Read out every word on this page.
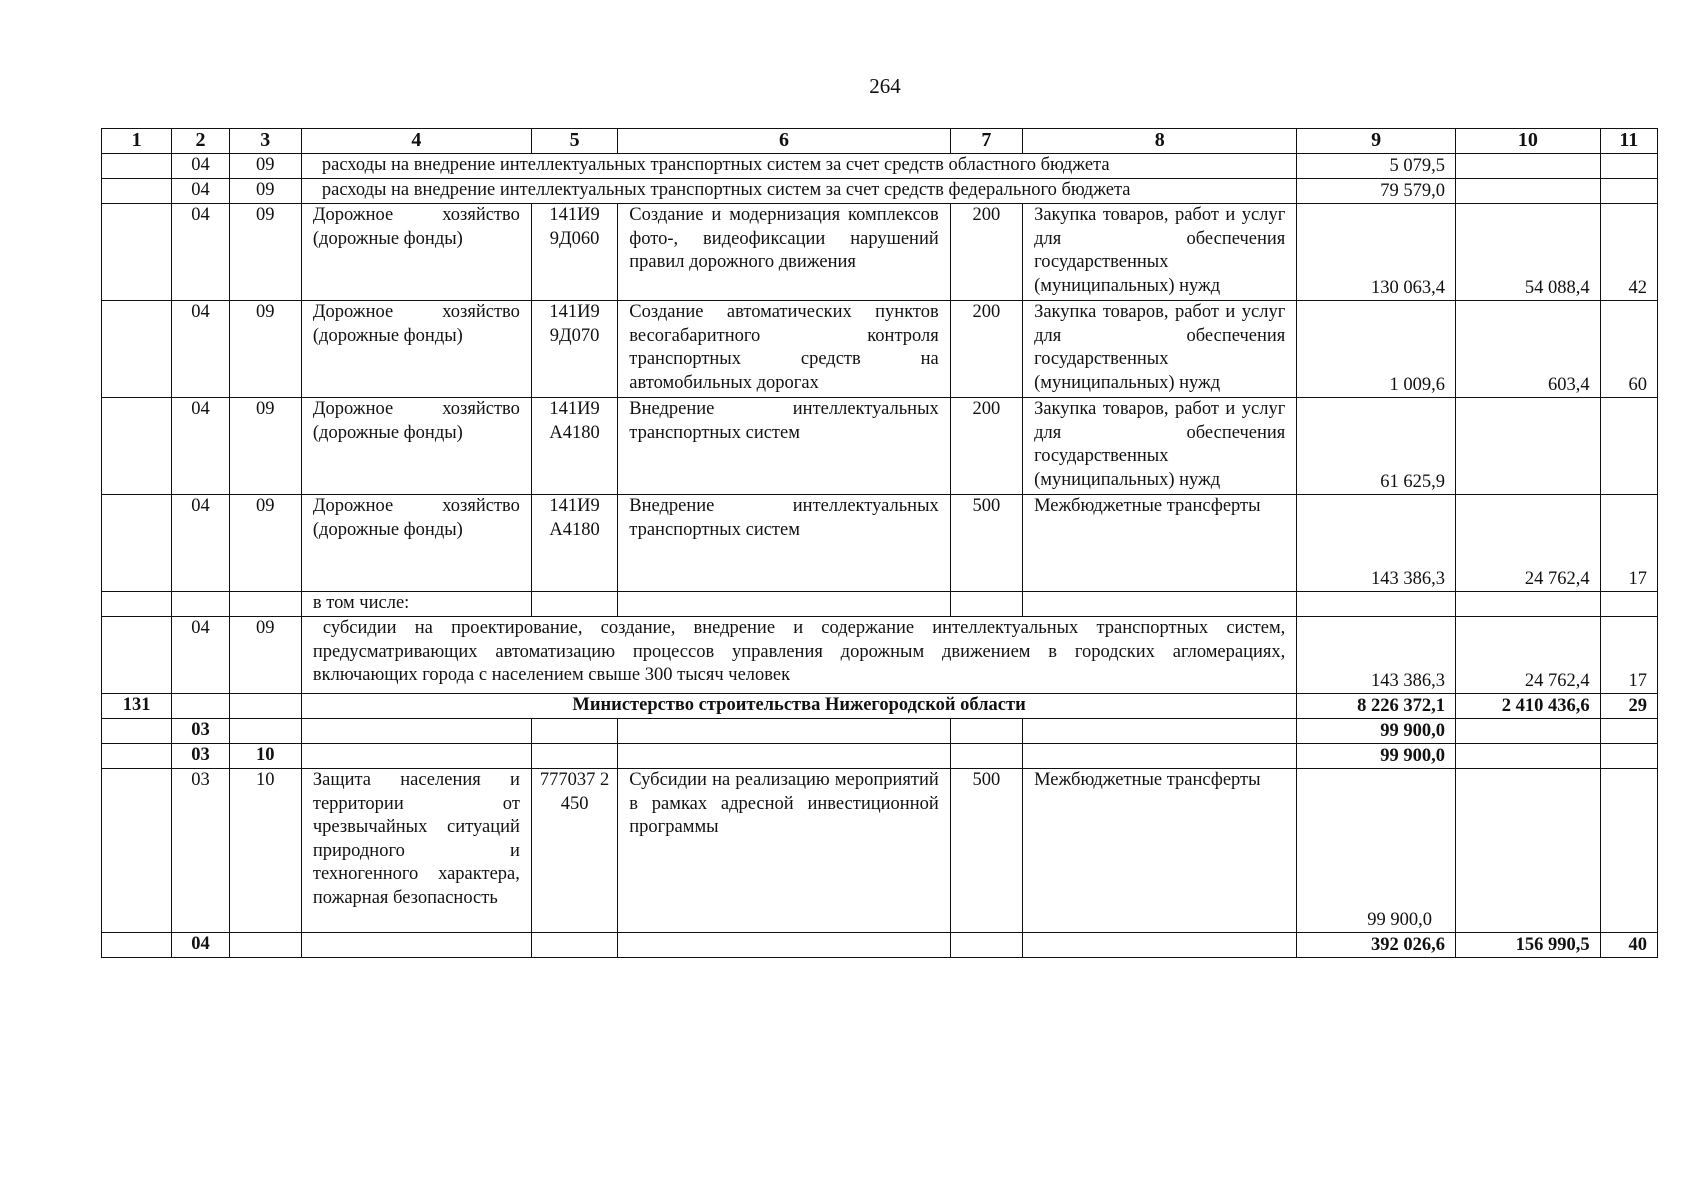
264
1	2	3	4	5	6	7	8	9	10	11
	04	09	расходы на внедрение интеллектуальных транспортных систем за счет средств областного бюджета					5 079,5		
	04	09	расходы на внедрение интеллектуальных транспортных систем за счет средств федерального бюджета					79 579,0		
	04	09	Дорожное хозяйство (дорожные фонды)	141И9 9Д060	Создание и модернизация комплексов фото-, видеофиксации нарушений правил дорожного движения	200	Закупка товаров, работ и услуг для обеспечения государственных (муниципальных) нужд	130 063,4	54 088,4	42
	04	09	Дорожное хозяйство (дорожные фонды)	141И9 9Д070	Создание автоматических пунктов весогабаритного контроля транспортных средств на автомобильных дорогах	200	Закупка товаров, работ и услуг для обеспечения государственных (муниципальных) нужд	1 009,6	603,4	60
	04	09	Дорожное хозяйство (дорожные фонды)	141И9 А4180	Внедрение интеллектуальных транспортных систем	200	Закупка товаров, работ и услуг для обеспечения государственных (муниципальных) нужд	61 625,9		
	04	09	Дорожное хозяйство (дорожные фонды)	141И9 А4180	Внедрение интеллектуальных транспортных систем	500	Межбюджетные трансферты	143 386,3	24 762,4	17
			в том числе:							
	04	09	субсидии на проектирование, создание, внедрение и содержание интеллектуальных транспортных систем, предусматривающих автоматизацию процессов управления дорожным движением в городских агломерациях, включающих города с населением свыше 300 тысяч человек					143 386,3	24 762,4	17
131			Министерство строительства Нижегородской области					8 226 372,1	2 410 436,6	29
	03							99 900,0		
	03	10						99 900,0		
	03	10	Защита населения и территории от чрезвычайных ситуаций природного и техногенного характера, пожарная безопасность	777037 2450	Субсидии на реализацию мероприятий в рамках адресной инвестиционной программы	500	Межбюджетные трансферты	99 900,0		
	04							392 026,6	156 990,5	40
